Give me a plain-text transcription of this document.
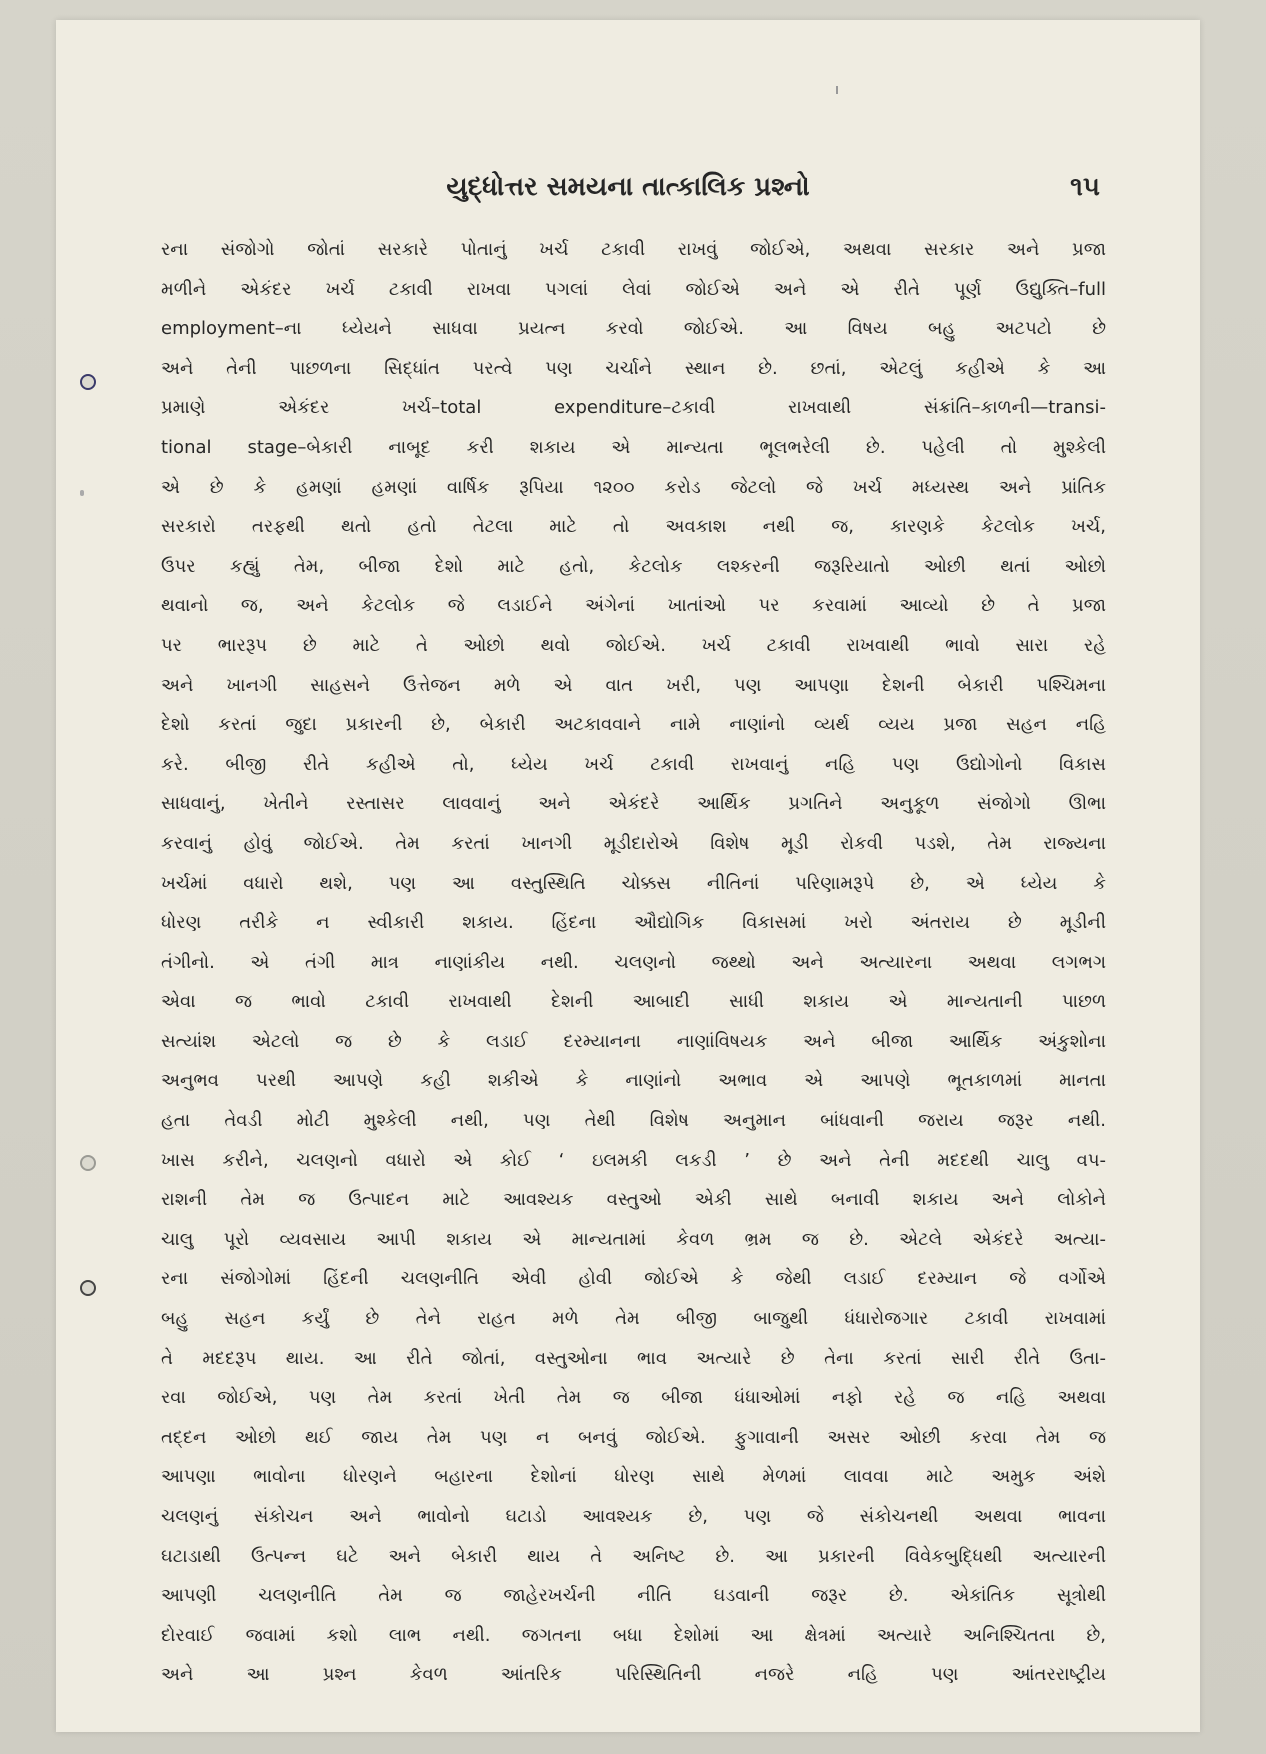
યુદ્ધોત્તર સમયના તાત્કાલિક પ્રશ્નો	૧૫
રના સંજોગો જોતાં સરકારે પોતાનું ખર્ચ ટકાવી રાખવું જોઈએ, અથવા સરકાર અને પ્રજા
મળીને એકંદર ખર્ચ ટકાવી રાખવા પગલાં લેવાં જોઈએ અને એ રીતે પૂર્ણ ઉદ્યુક્તિ–full
employment–ના ધ્યેયને સાધવા પ્રયત્ન કરવો જોઈએ. આ વિષય બહુ અટપટો છે
અને તેની પાછળના સિદ્ધાંત પરત્વે પણ ચર્ચાને સ્થાન છે. છતાં, એટલું કહીએ કે આ
પ્રમાણે એકંદર ખર્ચ–total expenditure–ટકાવી રાખવાથી સંક્રાંતિ–કાળની—transi-
tional stage–બેકારી નાબૂદ કરી શકાય એ માન્યતા ભૂલભરેલી છે. પહેલી તો મુશ્કેલી
એ છે કે હમણાં હમણાં વાર્ષિક રૂપિયા ૧૨૦૦ કરોડ જેટલો જે ખર્ચ મધ્યસ્થ અને પ્રાંતિક
સરકારો તરફથી થતો હતો તેટલા માટે તો અવકાશ નથી જ, કારણકે કેટલોક ખર્ચ,
ઉપર કહ્યું તેમ, બીજા દેશો માટે હતો, કેટલોક લશ્કરની જરૂરિયાતો ઓછી થતાં ઓછો
થવાનો જ, અને કેટલોક જે લડાઈને અંગેનાં ખાતાંઓ પર કરવામાં આવ્યો છે તે પ્રજા
પર ભારરૂપ છે માટે તે ઓછો થવો જોઈએ. ખર્ચ ટકાવી રાખવાથી ભાવો સારા રહે
અને ખાનગી સાહસને ઉત્તેજન મળે એ વાત ખરી, પણ આપણા દેશની બેકારી પશ્ચિમના
દેશો કરતાં જુદા પ્રકારની છે, બેકારી અટકાવવાને નામે નાણાંનો વ્યર્થ વ્યય પ્રજા સહન નહિ
કરે. બીજી રીતે કહીએ તો, ધ્યેય ખર્ચ ટકાવી રાખવાનું નહિ પણ ઉદ્યોગોનો વિકાસ
સાધવાનું, ખેતીને રસ્તાસર લાવવાનું અને એકંદરે આર્થિક પ્રગતિને અનુકૂળ સંજોગો ઊભા
કરવાનું હોવું જોઈએ. તેમ કરતાં ખાનગી મૂડીદારોએ વિશેષ મૂડી રોકવી પડશે, તેમ રાજ્યના
ખર્ચમાં વધારો થશે, પણ આ વસ્તુસ્થિતિ ચોક્કસ નીતિનાં પરિણામરૂપે છે, એ ધ્યેય કે
ધોરણ તરીકે ન સ્વીકારી શકાય. હિંદના ઔદ્યોગિક વિકાસમાં ખરો અંતરાય છે મૂડીની
તંગીનો. એ તંગી માત્ર નાણાંકીય નથી. ચલણનો જથ્થો અને અત્યારના અથવા લગભગ
એવા જ ભાવો ટકાવી રાખવાથી દેશની આબાદી સાધી શકાય એ માન્યતાની પાછળ
સત્યાંશ એટલો જ છે કે લડાઈ દરમ્યાનના નાણાંવિષયક અને બીજા આર્થિક અંકુશોના
અનુભવ પરથી આપણે કહી શકીએ કે નાણાંનો અભાવ એ આપણે ભૂતકાળમાં માનતા
હતા તેવડી મોટી મુશ્કેલી નથી, પણ તેથી વિશેષ અનુમાન બાંધવાની જરાય જરૂર નથી.
ખાસ કરીને, ચલણનો વધારો એ કોઈ ‘ ઇલમકી લકડી ’ છે અને તેની મદદથી ચાલુ વપ-
રાશની તેમ જ ઉત્પાદન માટે આવશ્યક વસ્તુઓ એકી સાથે બનાવી શકાય અને લોકોને
ચાલુ પૂરો વ્યવસાય આપી શકાય એ માન્યતામાં કેવળ ભ્રમ જ છે. એટલે એકંદરે અત્યા-
રના સંજોગોમાં હિંદની ચલણનીતિ એવી હોવી જોઈએ કે જેથી લડાઈ દરમ્યાન જે વર્ગોએ
બહુ સહન કર્યું છે તેને રાહત મળે તેમ બીજી બાજુથી ધંધારોજગાર ટકાવી રાખવામાં
તે મદદરૂપ થાય. આ રીતે જોતાં, વસ્તુઓના ભાવ અત્યારે છે તેના કરતાં સારી રીતે ઉતા-
રવા જોઈએ, પણ તેમ કરતાં ખેતી તેમ જ બીજા ધંધાઓમાં નફો રહે જ નહિ અથવા
તદ્દન ઓછો થઈ જાય તેમ પણ ન બનવું જોઈએ. ફુગાવાની અસર ઓછી કરવા તેમ જ
આપણા ભાવોના ધોરણને બહારના દેશોનાં ધોરણ સાથે મેળમાં લાવવા માટે અમુક અંશે
ચલણનું સંકોચન અને ભાવોનો ઘટાડો આવશ્યક છે, પણ જે સંકોચનથી અથવા ભાવના
ઘટાડાથી ઉત્પન્ન ઘટે અને બેકારી થાય તે અનિષ્ટ છે. આ પ્રકારની વિવેકબુદ્ધિથી અત્યારની
આપણી ચલણનીતિ તેમ જ જાહેરખર્ચની નીતિ ઘડવાની જરૂર છે. એકાંતિક સૂત્રોથી
દોરવાઈ જવામાં કશો લાભ નથી. જગતના બધા દેશોમાં આ ક્ષેત્રમાં અત્યારે અનિશ્ચિતતા છે,
અને આ પ્રશ્ન કેવળ આંતરિક પરિસ્થિતિની નજરે નહિ પણ આંતરરાષ્ટ્રીય
